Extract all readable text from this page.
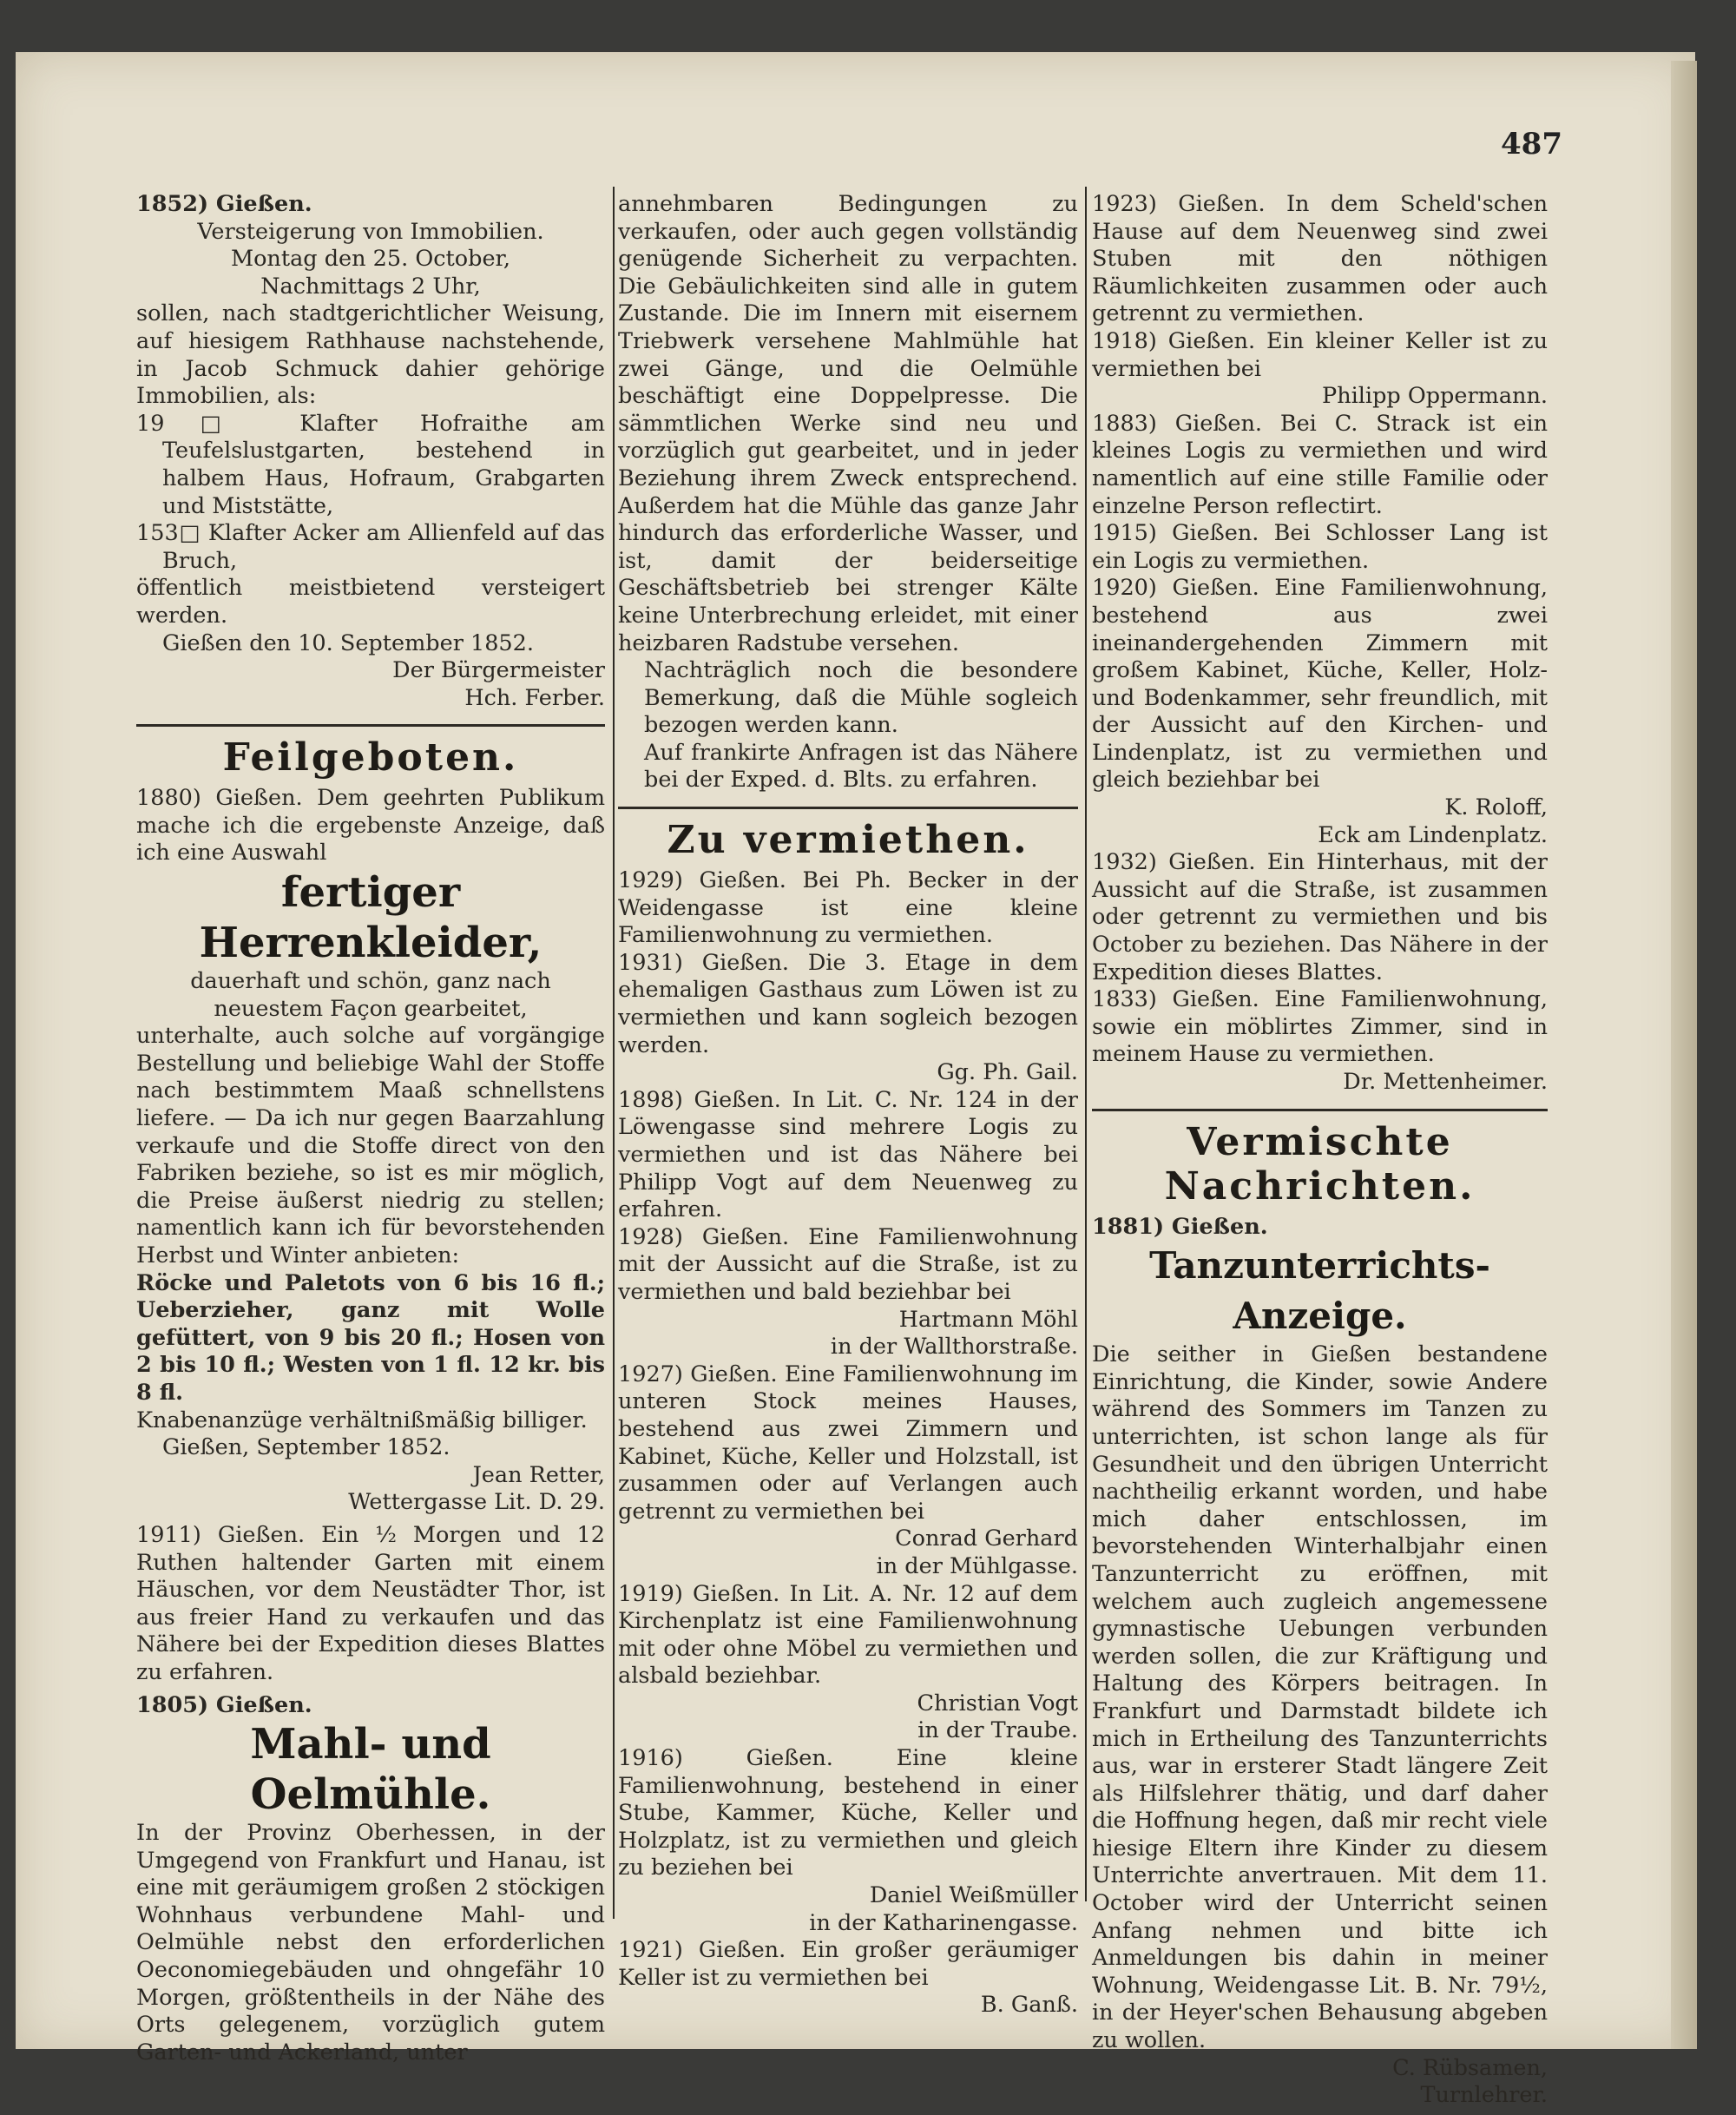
487

1852) Gießen.

Versteigerung von Immobilien.

Montag den 25. October,

Nachmittags 2 Uhr,

sollen, nach stadtgerichtlicher Weisung, auf hiesigem Rathhause nachstehende, in Jacob Schmuck dahier gehörige Immobilien, als:

19□ Klafter Hofraithe am Teufelslustgarten, bestehend in halbem Haus, Hofraum, Grabgarten und Miststätte,

153□ Klafter Acker am Allienfeld auf das Bruch,

öffentlich meistbietend versteigert werden.

Gießen den 10. September 1852.

Der Bürgermeister

Hch. Ferber.

Feilgeboten.

1880) Gießen. Dem geehrten Publikum mache ich die ergebenste Anzeige, daß ich eine Auswahl

fertiger Herrenkleider,

dauerhaft und schön, ganz nach

neuestem Façon gearbeitet,

unterhalte, auch solche auf vorgängige Bestellung und beliebige Wahl der Stoffe nach bestimmtem Maaß schnellstens liefere. — Da ich nur gegen Baarzahlung verkaufe und die Stoffe direct von den Fabriken beziehe, so ist es mir möglich, die Preise äußerst niedrig zu stellen; namentlich kann ich für bevorstehenden Herbst und Winter anbieten:

Röcke und Paletots von 6 bis 16 fl.; Ueberzieher, ganz mit Wolle gefüttert, von 9 bis 20 fl.; Hosen von 2 bis 10 fl.; Westen von 1 fl. 12 kr. bis 8 fl.

Knabenanzüge verhältnißmäßig billiger.

Gießen, September 1852.

Jean Retter,

Wettergasse Lit. D. 29.

1911) Gießen. Ein ½ Morgen und 12 Ruthen haltender Garten mit einem Häuschen, vor dem Neustädter Thor, ist aus freier Hand zu verkaufen und das Nähere bei der Expedition dieses Blattes zu erfahren.

1805) Gießen.

Mahl- und Oelmühle.

In der Provinz Oberhessen, in der Umgegend von Frankfurt und Hanau, ist eine mit geräumigem großen 2 stöckigen Wohnhaus verbundene Mahl- und Oelmühle nebst den erforderlichen Oeconomiegebäuden und ohngefähr 10 Morgen, größtentheils in der Nähe des Orts gelegenem, vorzüglich gutem Garten- und Ackerland, unter

annehmbaren Bedingungen zu verkaufen, oder auch gegen vollständig genügende Sicherheit zu verpachten. Die Gebäulichkeiten sind alle in gutem Zustande. Die im Innern mit eisernem Triebwerk versehene Mahlmühle hat zwei Gänge, und die Oelmühle beschäftigt eine Doppelpresse. Die sämmtlichen Werke sind neu und vorzüglich gut gearbeitet, und in jeder Beziehung ihrem Zweck entsprechend. Außerdem hat die Mühle das ganze Jahr hindurch das erforderliche Wasser, und ist, damit der beiderseitige Geschäftsbetrieb bei strenger Kälte keine Unterbrechung erleidet, mit einer heizbaren Radstube versehen.

Nachträglich noch die besondere Bemerkung, daß die Mühle sogleich bezogen werden kann.

Auf frankirte Anfragen ist das Nähere bei der Exped. d. Blts. zu erfahren.

Zu vermiethen.

1929) Gießen. Bei Ph. Becker in der Weidengasse ist eine kleine Familienwohnung zu vermiethen.

1931) Gießen. Die 3. Etage in dem ehemaligen Gasthaus zum Löwen ist zu vermiethen und kann sogleich bezogen werden.

Gg. Ph. Gail.

1898) Gießen. In Lit. C. Nr. 124 in der Löwengasse sind mehrere Logis zu vermiethen und ist das Nähere bei Philipp Vogt auf dem Neuenweg zu erfahren.

1928) Gießen. Eine Familienwohnung mit der Aussicht auf die Straße, ist zu vermiethen und bald beziehbar bei

Hartmann Möhl

in der Wallthorstraße.

1927) Gießen. Eine Familienwohnung im unteren Stock meines Hauses, bestehend aus zwei Zimmern und Kabinet, Küche, Keller und Holzstall, ist zusammen oder auf Verlangen auch getrennt zu vermiethen bei

Conrad Gerhard

in der Mühlgasse.

1919) Gießen. In Lit. A. Nr. 12 auf dem Kirchenplatz ist eine Familienwohnung mit oder ohne Möbel zu vermiethen und alsbald beziehbar.

Christian Vogt

in der Traube.

1916) Gießen. Eine kleine Familienwohnung, bestehend in einer Stube, Kammer, Küche, Keller und Holzplatz, ist zu vermiethen und gleich zu beziehen bei

Daniel Weißmüller

in der Katharinengasse.

1921) Gießen. Ein großer geräumiger Keller ist zu vermiethen bei

B. Ganß.

1923) Gießen. In dem Scheld'schen Hause auf dem Neuenweg sind zwei Stuben mit den nöthigen Räumlichkeiten zusammen oder auch getrennt zu vermiethen.

1918) Gießen. Ein kleiner Keller ist zu vermiethen bei

Philipp Oppermann.

1883) Gießen. Bei C. Strack ist ein kleines Logis zu vermiethen und wird namentlich auf eine stille Familie oder einzelne Person reflectirt.

1915) Gießen. Bei Schlosser Lang ist ein Logis zu vermiethen.

1920) Gießen. Eine Familienwohnung, bestehend aus zwei ineinandergehenden Zimmern mit großem Kabinet, Küche, Keller, Holz- und Bodenkammer, sehr freundlich, mit der Aussicht auf den Kirchen- und Lindenplatz, ist zu vermiethen und gleich beziehbar bei

K. Roloff,

Eck am Lindenplatz.

1932) Gießen. Ein Hinterhaus, mit der Aussicht auf die Straße, ist zusammen oder getrennt zu vermiethen und bis October zu beziehen. Das Nähere in der Expedition dieses Blattes.

1833) Gießen. Eine Familienwohnung, sowie ein möblirtes Zimmer, sind in meinem Hause zu vermiethen.

Dr. Mettenheimer.

Vermischte Nachrichten.

1881) Gießen.

Tanzunterrichts-Anzeige.

Die seither in Gießen bestandene Einrichtung, die Kinder, sowie Andere während des Sommers im Tanzen zu unterrichten, ist schon lange als für Gesundheit und den übrigen Unterricht nachtheilig erkannt worden, und habe mich daher entschlossen, im bevorstehenden Winterhalbjahr einen Tanzunterricht zu eröffnen, mit welchem auch zugleich angemessene gymnastische Uebungen verbunden werden sollen, die zur Kräftigung und Haltung des Körpers beitragen. In Frankfurt und Darmstadt bildete ich mich in Ertheilung des Tanzunterrichts aus, war in ersterer Stadt längere Zeit als Hilfslehrer thätig, und darf daher die Hoffnung hegen, daß mir recht viele hiesige Eltern ihre Kinder zu diesem Unterrichte anvertrauen. Mit dem 11. October wird der Unterricht seinen Anfang nehmen und bitte ich Anmeldungen bis dahin in meiner Wohnung, Weidengasse Lit. B. Nr. 79½, in der Heyer'schen Behausung abgeben zu wollen.

C. Rübsamen,

Turnlehrer.
